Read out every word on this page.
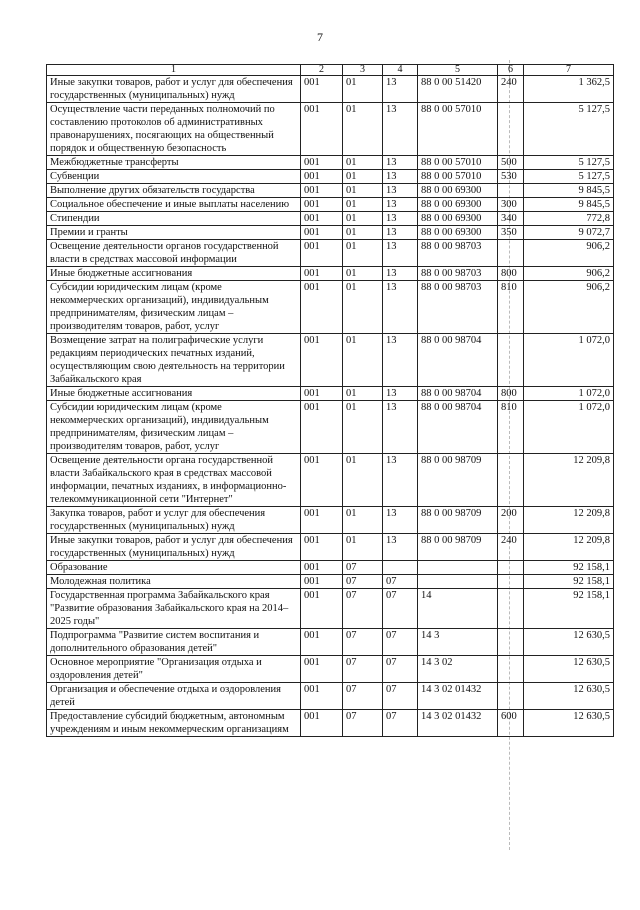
7
1	2	3	4	5	6	7
Иные закупки товаров, работ и услуг для обеспечения государственных (муниципальных) нужд	001	01	13	88 0 00 51420	240	1 362,5
Осуществление части переданных полномочий по составлению протоколов об административных правонарушениях, посягающих на общественный порядок и общественную безопасность	001	01	13	88 0 00 57010		5 127,5
Межбюджетные трансферты	001	01	13	88 0 00 57010	500	5 127,5
Субвенции	001	01	13	88 0 00 57010	530	5 127,5
Выполнение других обязательств государства	001	01	13	88 0 00 69300		9 845,5
Социальное обеспечение и иные выплаты населению	001	01	13	88 0 00 69300	300	9 845,5
Стипендии	001	01	13	88 0 00 69300	340	772,8
Премии и гранты	001	01	13	88 0 00 69300	350	9 072,7
Освещение деятельности органов государственной власти в средствах массовой информации	001	01	13	88 0 00 98703		906,2
Иные бюджетные ассигнования	001	01	13	88 0 00 98703	800	906,2
Субсидии юридическим лицам (кроме некоммерческих организаций), индивидуальным предпринимателям, физическим лицам – производителям товаров, работ, услуг	001	01	13	88 0 00 98703	810	906,2
Возмещение затрат на полиграфические услуги редакциям периодических печатных изданий, осуществляющим свою деятельность на территории Забайкальского края	001	01	13	88 0 00 98704		1 072,0
Иные бюджетные ассигнования	001	01	13	88 0 00 98704	800	1 072,0
Субсидии юридическим лицам (кроме некоммерческих организаций), индивидуальным предпринимателям, физическим лицам – производителям товаров, работ, услуг	001	01	13	88 0 00 98704	810	1 072,0
Освещение деятельности органа государственной власти Забайкальского края в средствах массовой информации, печатных изданиях, в информационно-телекоммуникационной сети "Интернет"	001	01	13	88 0 00 98709		12 209,8
Закупка товаров, работ и услуг для обеспечения государственных (муниципальных) нужд	001	01	13	88 0 00 98709	200	12 209,8
Иные закупки товаров, работ и услуг для обеспечения государственных (муниципальных) нужд	001	01	13	88 0 00 98709	240	12 209,8
Образование	001	07				92 158,1
Молодежная политика	001	07	07			92 158,1
Государственная программа Забайкальского края "Развитие образования Забайкальского края на 2014–2025 годы"	001	07	07	14		92 158,1
Подпрограмма "Развитие систем воспитания и дополнительного образования детей"	001	07	07	14 3		12 630,5
Основное мероприятие "Организация отдыха и оздоровления детей"	001	07	07	14 3 02		12 630,5
Организация и обеспечение отдыха и оздоровления детей	001	07	07	14 3 02 01432		12 630,5
Предоставление субсидий бюджетным, автономным учреждениям и иным некоммерческим организациям	001	07	07	14 3 02 01432	600	12 630,5
